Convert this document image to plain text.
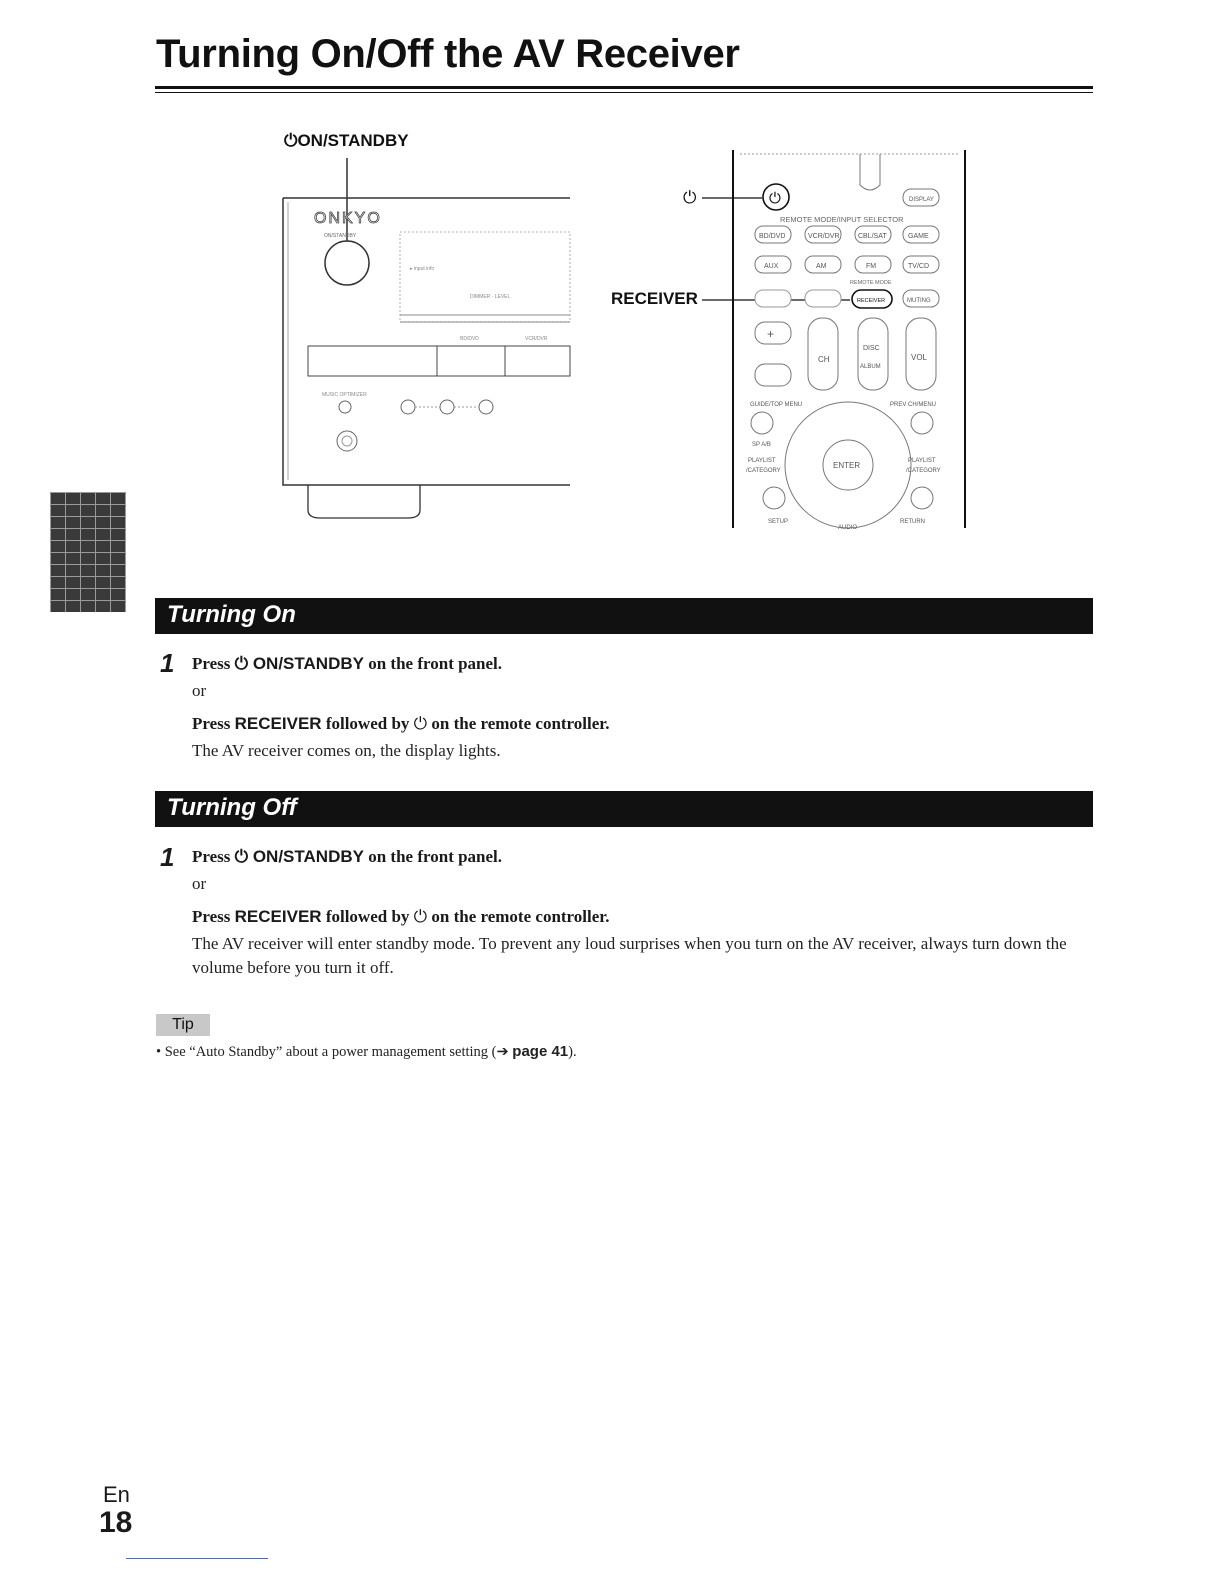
Turning On/Off the AV Receiver
⏻ON/STANDBY
ONKYO
ON/STANDBY
▸ input info
DIMMER · LEVEL
BD/DVD	VCR/DVR
MUSIC OPTIMIZER
⏻
RECEIVER
⏻	DISPLAY
REMOTE MODE/INPUT SELECTOR
BD/DVD	VCR/DVR	CBL/SAT	GAME
AUX	AM	FM	TV/CD
REMOTE MODE
RECEIVER	MUTING
+
CH
DISC
ALBUM
VOL
GUIDE/TOP MENU	PREV CH/MENU
SP A/B
ENTER
PLAYLIST
/CATEGORY
PLAYLIST
/CATEGORY
SETUP
AUDIO
RETURN
Turning On
1 Press ⏻ ON/STANDBY on the front panel.
or
Press RECEIVER followed by ⏻ on the remote controller.
The AV receiver comes on, the display lights.
Turning Off
1 Press ⏻ ON/STANDBY on the front panel.
or
Press RECEIVER followed by ⏻ on the remote controller.
The AV receiver will enter standby mode. To prevent any loud surprises when you turn on the AV receiver, always turn down the volume before you turn it off.
Tip
• See “Auto Standby” about a power management setting (➔ page 41).
En
18
